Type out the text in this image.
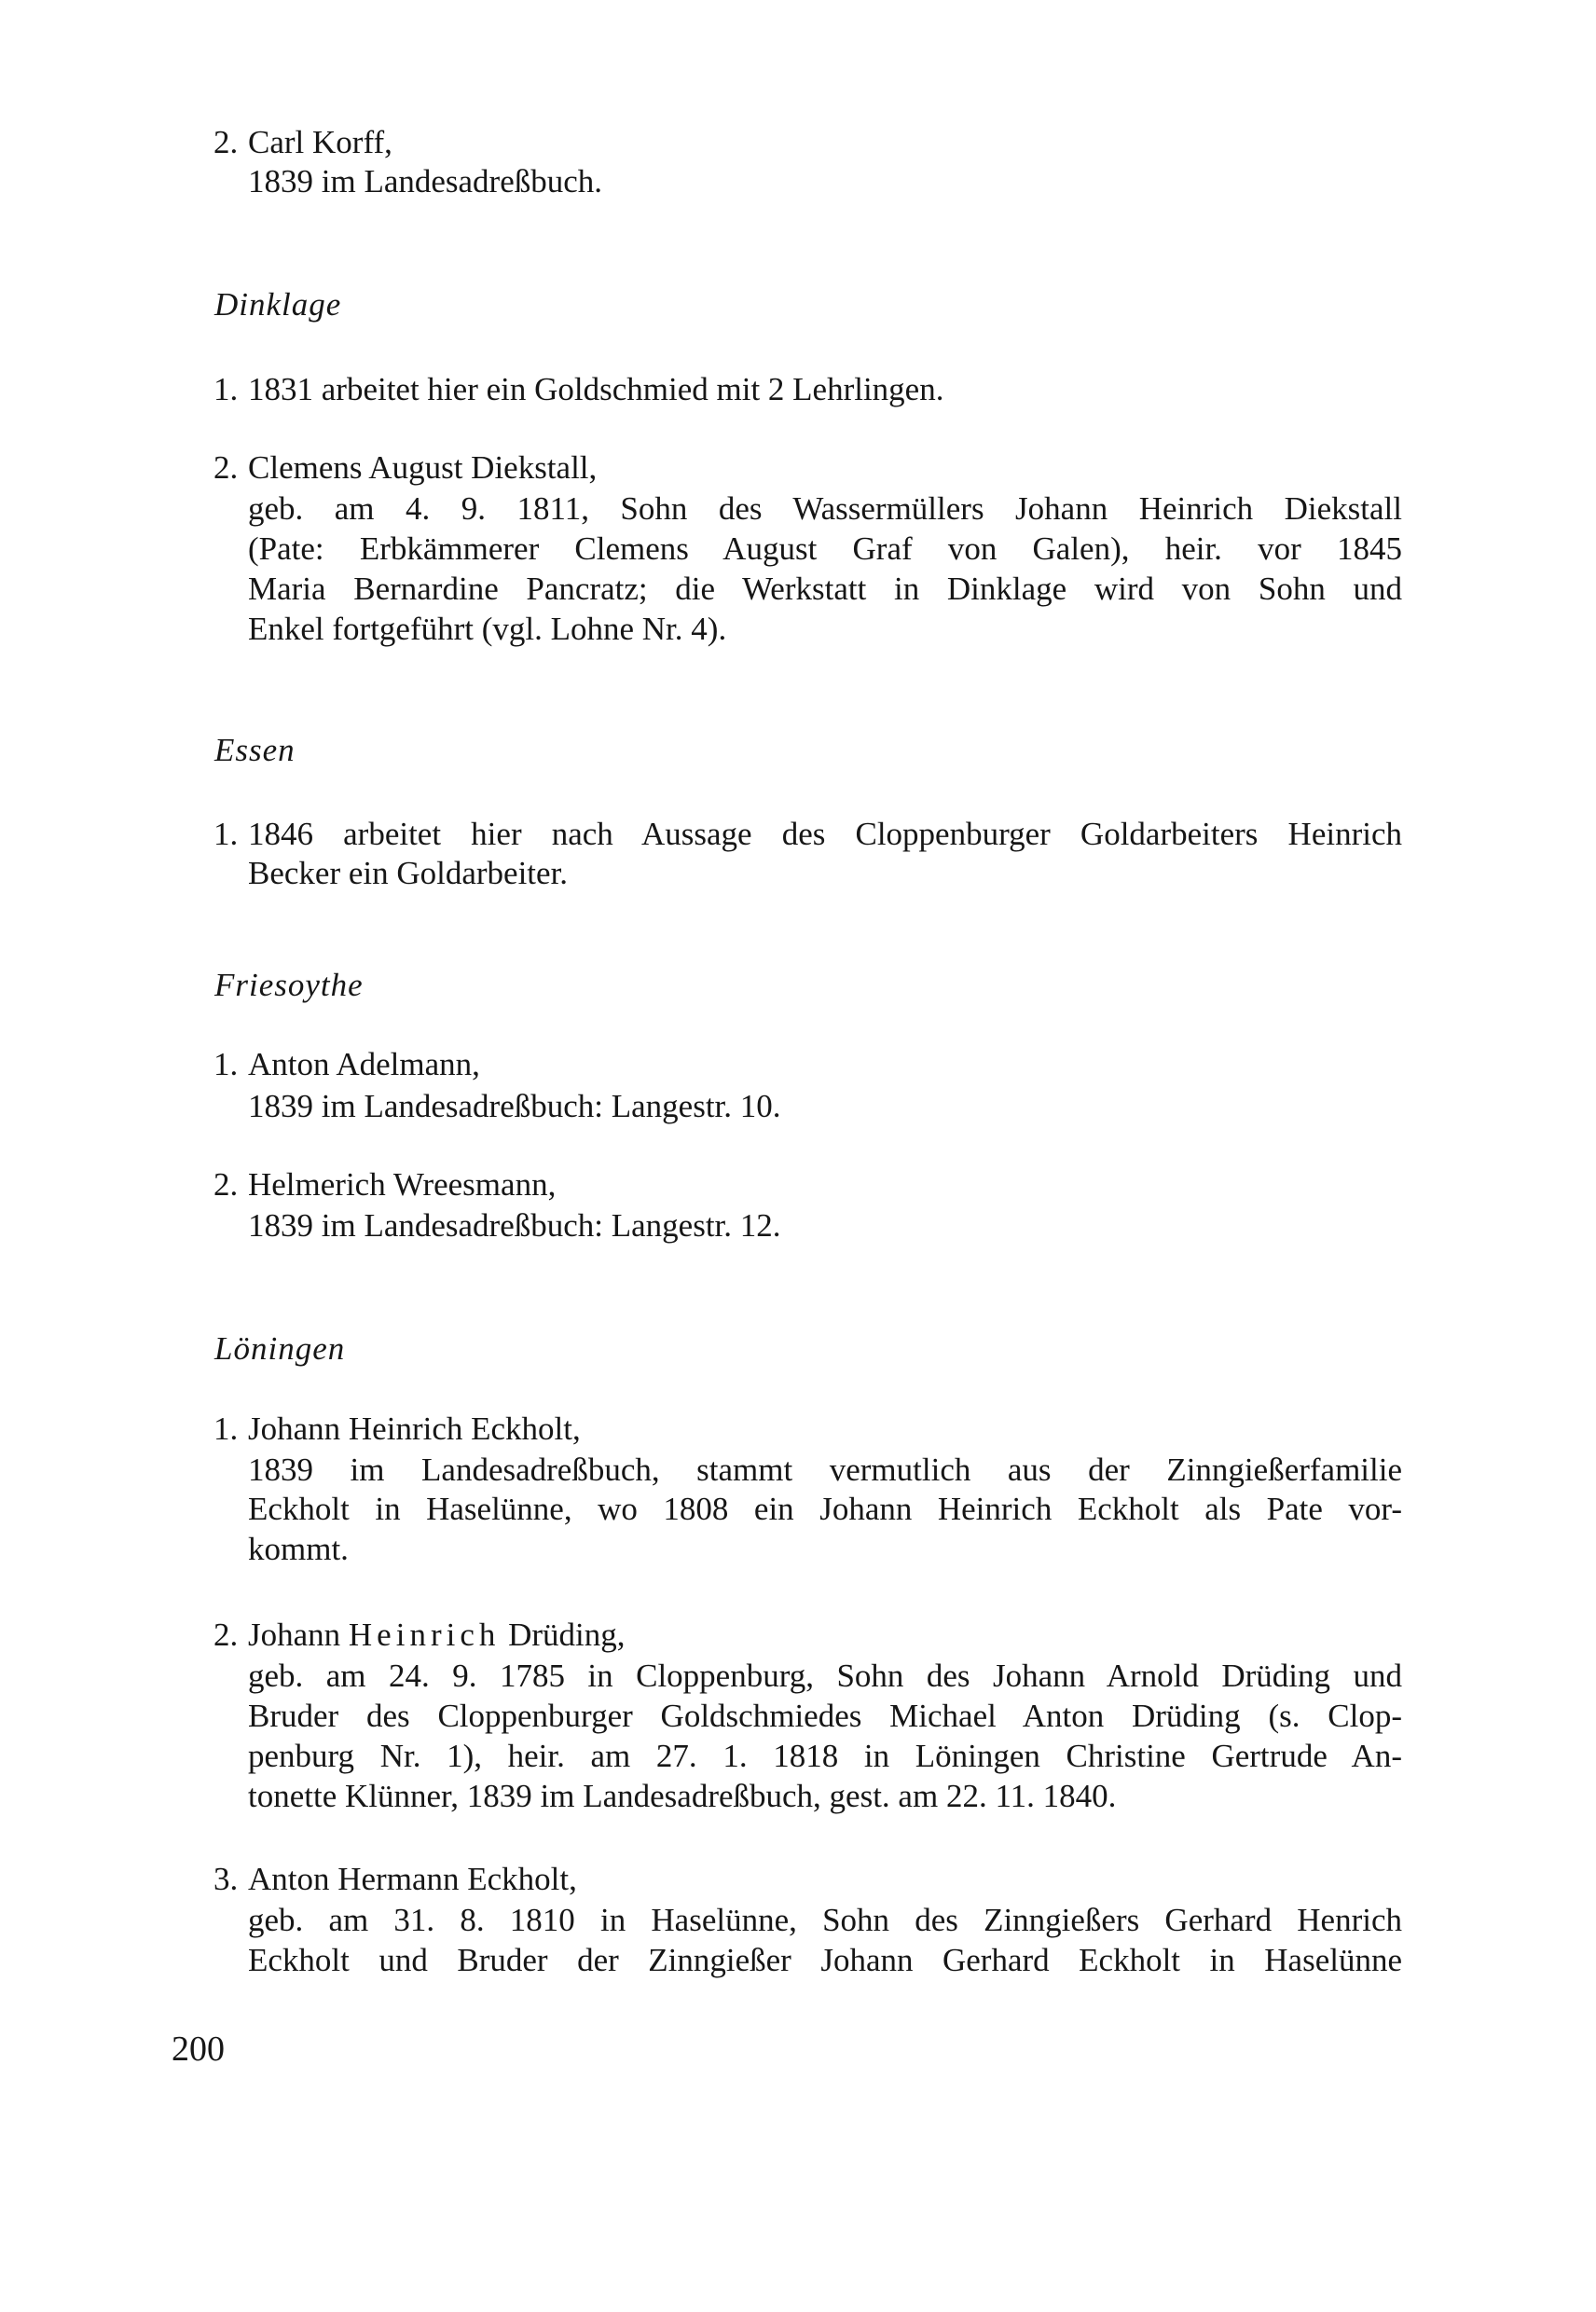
2. Carl Korff,
1839 im Landesadreßbuch.
Dinklage
1. 1831 arbeitet hier ein Goldschmied mit 2 Lehrlingen.
2. Clemens August Diekstall,
geb. am 4. 9. 1811, Sohn des Wassermüllers Johann Heinrich Diekstall
(Pate: Erbkämmerer Clemens August Graf von Galen), heir. vor 1845
Maria Bernardine Pancratz; die Werkstatt in Dinklage wird von Sohn und
Enkel fortgeführt (vgl. Lohne Nr. 4).
Essen
1. 1846 arbeitet hier nach Aussage des Cloppenburger Goldarbeiters Heinrich
Becker ein Goldarbeiter.
Friesoythe
1. Anton Adelmann,
1839 im Landesadreßbuch: Langestr. 10.
2. Helmerich Wreesmann,
1839 im Landesadreßbuch: Langestr. 12.
Löningen
1. Johann Heinrich Eckholt,
1839 im Landesadreßbuch, stammt vermutlich aus der Zinngießerfamilie
Eckholt in Haselünne, wo 1808 ein Johann Heinrich Eckholt als Pate vor-
kommt.
2. Johann Heinrich Drüding,
geb. am 24. 9. 1785 in Cloppenburg, Sohn des Johann Arnold Drüding und
Bruder des Cloppenburger Goldschmiedes Michael Anton Drüding (s. Clop-
penburg Nr. 1), heir. am 27. 1. 1818 in Löningen Christine Gertrude An-
tonette Klünner, 1839 im Landesadreßbuch, gest. am 22. 11. 1840.
3. Anton Hermann Eckholt,
geb. am 31. 8. 1810 in Haselünne, Sohn des Zinngießers Gerhard Henrich
Eckholt und Bruder der Zinngießer Johann Gerhard Eckholt in Haselünne
200
